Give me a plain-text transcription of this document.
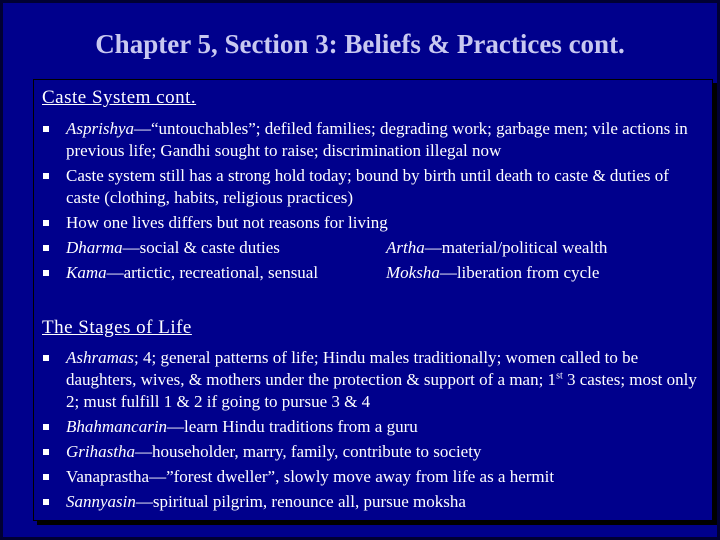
Chapter 5, Section 3: Beliefs & Practices cont.
Caste System cont.
Asprishya—“untouchables”; defiled families; degrading work; garbage men; vile actions in previous life; Gandhi sought to raise; discrimination illegal now
Caste system still has a strong hold today; bound by birth until death to caste & duties of caste (clothing, habits, religious practices)
How one lives differs but not reasons for living
Dharma—social & caste duties	Artha—material/political wealth
Kama—artictic, recreational, sensual	Moksha—liberation from cycle
The Stages of Life
Ashramas; 4; general patterns of life; Hindu males traditionally; women called to be daughters, wives, & mothers under the protection & support of a man; 1st 3 castes; most only 2; must fulfill 1 & 2 if going to pursue 3 & 4
Bhahmancarin—learn Hindu traditions from a guru
Grihastha—householder, marry, family, contribute to society
Vanaprastha—”forest dweller”, slowly move away from life as a hermit
Sannyasin—spiritual pilgrim, renounce all, pursue moksha
